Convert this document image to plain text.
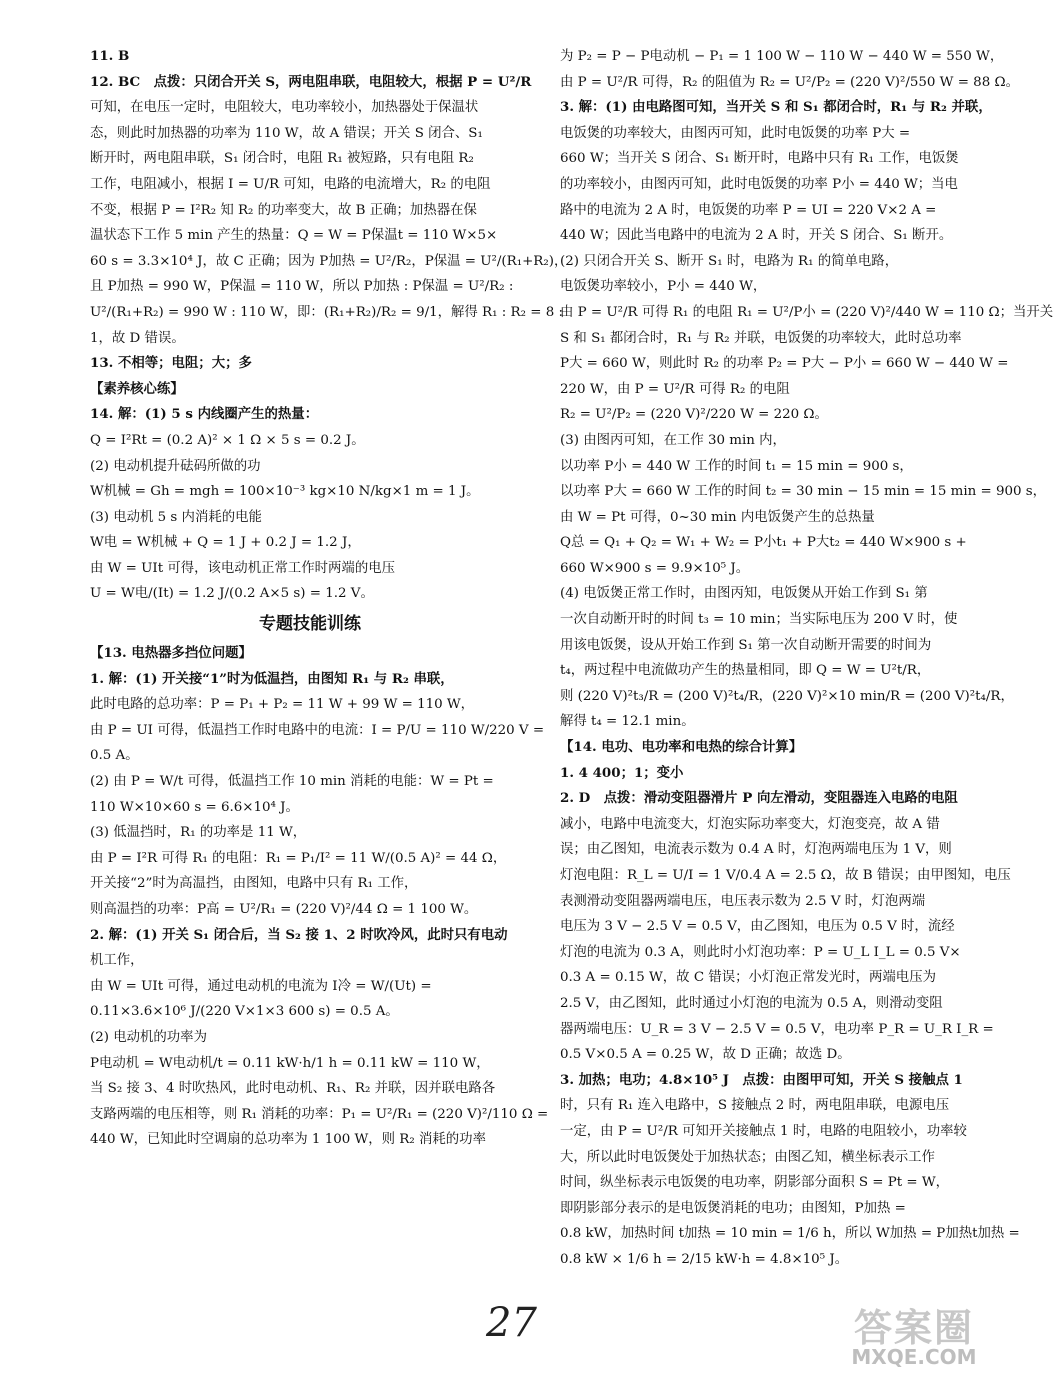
11. B
12. BC　点拨：只闭合开关 S，两电阻串联，电阻较大，根据 P = U²/R
可知，在电压一定时，电阻较大，电功率较小，加热器处于保温状
态，则此时加热器的功率为 110 W，故 A 错误；开关 S 闭合、S₁
断开时，两电阻串联，S₁ 闭合时，电阻 R₁ 被短路，只有电阻 R₂
工作，电阻减小，根据 I = U/R 可知，电路的电流增大，R₂ 的电阻
不变，根据 P = I²R₂ 知 R₂ 的功率变大，故 B 正确；加热器在保
温状态下工作 5 min 产生的热量：Q = W = P保温t = 110 W×5×
60 s = 3.3×10⁴ J，故 C 正确；因为 P加热 = U²/R₂，P保温 = U²/(R₁+R₂)，
且 P加热 = 990 W，P保温 = 110 W，所以 P加热 : P保温 = U²/R₂ :
U²/(R₁+R₂) = 990 W : 110 W，即：(R₁+R₂)/R₂ = 9/1，解得 R₁ : R₂ = 8 :
1，故 D 错误。
13. 不相等；电阻；大；多
【素养核心练】
14. 解：(1) 5 s 内线圈产生的热量：
Q = I²Rt = (0.2 A)² × 1 Ω × 5 s = 0.2 J。
(2) 电动机提升砝码所做的功
W机械 = Gh = mgh = 100×10⁻³ kg×10 N/kg×1 m = 1 J。
(3) 电动机 5 s 内消耗的电能
W电 = W机械 + Q = 1 J + 0.2 J = 1.2 J，
由 W = UIt 可得，该电动机正常工作时两端的电压
U = W电/(It) = 1.2 J/(0.2 A×5 s) = 1.2 V。
专题技能训练
【13. 电热器多挡位问题】
1. 解：(1) 开关接“1”时为低温挡，由图知 R₁ 与 R₂ 串联，
此时电路的总功率：P = P₁ + P₂ = 11 W + 99 W = 110 W，
由 P = UI 可得，低温挡工作时电路中的电流：I = P/U = 110 W/220 V =
0.5 A。
(2) 由 P = W/t 可得，低温挡工作 10 min 消耗的电能：W = Pt =
110 W×10×60 s = 6.6×10⁴ J。
(3) 低温挡时，R₁ 的功率是 11 W，
由 P = I²R 可得 R₁ 的电阻：R₁ = P₁/I² = 11 W/(0.5 A)² = 44 Ω，
开关接“2”时为高温挡，由图知，电路中只有 R₁ 工作，
则高温挡的功率：P高 = U²/R₁ = (220 V)²/44 Ω = 1 100 W。
2. 解：(1) 开关 S₁ 闭合后，当 S₂ 接 1、2 时吹冷风，此时只有电动
机工作，
由 W = UIt 可得，通过电动机的电流为 I冷 = W/(Ut) =
0.11×3.6×10⁶ J/(220 V×1×3 600 s) = 0.5 A。
(2) 电动机的功率为
P电动机 = W电动机/t = 0.11 kW·h/1 h = 0.11 kW = 110 W，
当 S₂ 接 3、4 时吹热风，此时电动机、R₁、R₂ 并联，因并联电路各
支路两端的电压相等，则 R₁ 消耗的功率：P₁ = U²/R₁ = (220 V)²/110 Ω =
440 W，已知此时空调扇的总功率为 1 100 W，则 R₂ 消耗的功率
为 P₂ = P − P电动机 − P₁ = 1 100 W − 110 W − 440 W = 550 W，
由 P = U²/R 可得，R₂ 的阻值为 R₂ = U²/P₂ = (220 V)²/550 W = 88 Ω。
3. 解：(1) 由电路图可知，当开关 S 和 S₁ 都闭合时，R₁ 与 R₂ 并联，
电饭煲的功率较大，由图丙可知，此时电饭煲的功率 P大 =
660 W；当开关 S 闭合、S₁ 断开时，电路中只有 R₁ 工作，电饭煲
的功率较小，由图丙可知，此时电饭煲的功率 P小 = 440 W；当电
路中的电流为 2 A 时，电饭煲的功率 P = UI = 220 V×2 A =
440 W；因此当电路中的电流为 2 A 时，开关 S 闭合、S₁ 断开。
(2) 只闭合开关 S、断开 S₁ 时，电路为 R₁ 的简单电路，
电饭煲功率较小，P小 = 440 W，
由 P = U²/R 可得 R₁ 的电阻 R₁ = U²/P小 = (220 V)²/440 W = 110 Ω；当开关
S 和 S₁ 都闭合时，R₁ 与 R₂ 并联，电饭煲的功率较大，此时总功率
P大 = 660 W，则此时 R₂ 的功率 P₂ = P大 − P小 = 660 W − 440 W =
220 W，由 P = U²/R 可得 R₂ 的电阻
R₂ = U²/P₂ = (220 V)²/220 W = 220 Ω。
(3) 由图丙可知，在工作 30 min 内，
以功率 P小 = 440 W 工作的时间 t₁ = 15 min = 900 s，
以功率 P大 = 660 W 工作的时间 t₂ = 30 min − 15 min = 15 min = 900 s，
由 W = Pt 可得，0~30 min 内电饭煲产生的总热量
Q总 = Q₁ + Q₂ = W₁ + W₂ = P小t₁ + P大t₂ = 440 W×900 s +
660 W×900 s = 9.9×10⁵ J。
(4) 电饭煲正常工作时，由图丙知，电饭煲从开始工作到 S₁ 第
一次自动断开时的时间 t₃ = 10 min；当实际电压为 200 V 时，使
用该电饭煲，设从开始工作到 S₁ 第一次自动断开需要的时间为
t₄，两过程中电流做功产生的热量相同，即 Q = W = U²t/R，
则 (220 V)²t₃/R = (200 V)²t₄/R，(220 V)²×10 min/R = (200 V)²t₄/R，
解得 t₄ = 12.1 min。
【14. 电功、电功率和电热的综合计算】
1. 4 400；1；变小
2. D　点拨：滑动变阻器滑片 P 向左滑动，变阻器连入电路的电阻
减小，电路中电流变大，灯泡实际功率变大，灯泡变亮，故 A 错
误；由乙图知，电流表示数为 0.4 A 时，灯泡两端电压为 1 V，则
灯泡电阻：R_L = U/I = 1 V/0.4 A = 2.5 Ω，故 B 错误；由甲图知，电压
表测滑动变阻器两端电压，电压表示数为 2.5 V 时，灯泡两端
电压为 3 V − 2.5 V = 0.5 V，由乙图知，电压为 0.5 V 时，流经
灯泡的电流为 0.3 A，则此时小灯泡功率：P = U_L I_L = 0.5 V×
0.3 A = 0.15 W，故 C 错误；小灯泡正常发光时，两端电压为
2.5 V，由乙图知，此时通过小灯泡的电流为 0.5 A，则滑动变阻
器两端电压：U_R = 3 V − 2.5 V = 0.5 V，电功率 P_R = U_R I_R =
0.5 V×0.5 A = 0.25 W，故 D 正确；故选 D。
3. 加热；电功；4.8×10⁵ J　点拨：由图甲可知，开关 S 接触点 1
时，只有 R₁ 连入电路中，S 接触点 2 时，两电阻串联，电源电压
一定，由 P = U²/R 可知开关接触点 1 时，电路的电阻较小，功率较
大，所以此时电饭煲处于加热状态；由图乙知，横坐标表示工作
时间，纵坐标表示电饭煲的电功率，阴影部分面积 S = Pt = W，
即阴影部分表示的是电饭煲消耗的电功；由图知，P加热 =
0.8 kW，加热时间 t加热 = 10 min = 1/6 h，所以 W加热 = P加热t加热 =
0.8 kW × 1/6 h = 2/15 kW·h = 4.8×10⁵ J。
27	答案圈
MXQE.COM
